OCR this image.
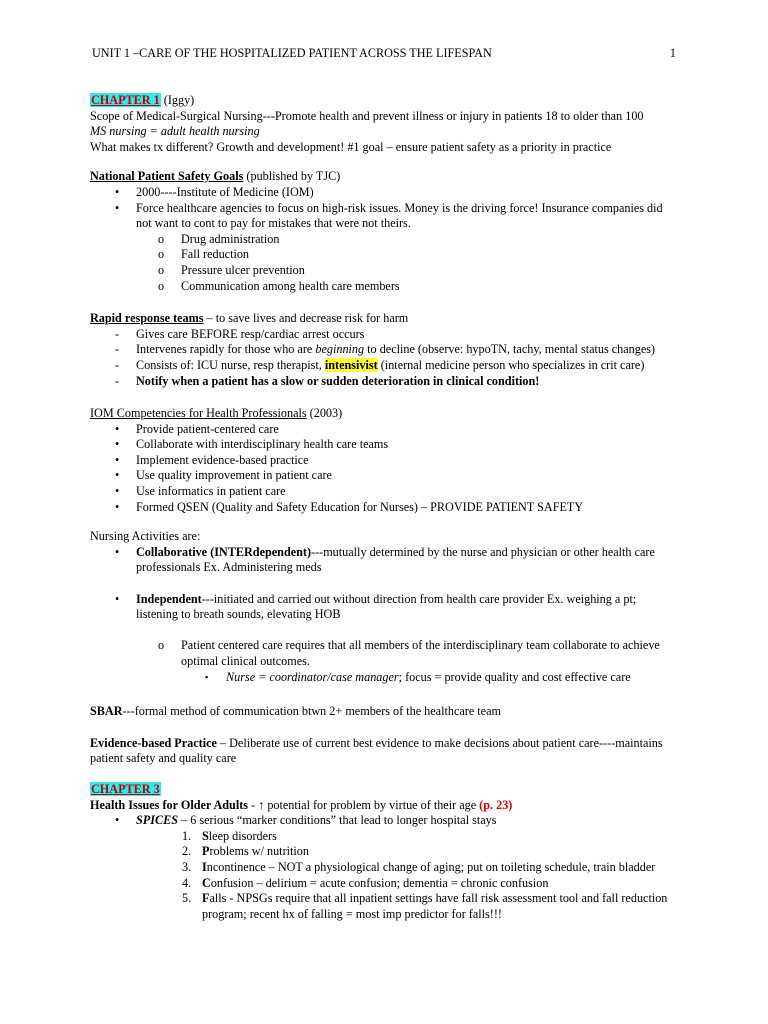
UNIT 1 –CARE OF THE HOSPITALIZED PATIENT ACROSS THE LIFESPAN	1

CHAPTER 1 (Iggy)

Scope of Medical-Surgical Nursing---Promote health and prevent illness or injury in patients 18 to older than 100

MS nursing = adult health nursing

What makes tx different? Growth and development! #1 goal – ensure patient safety as a priority in practice

National Patient Safety Goals (published by TJC)

• 2000----Institute of Medicine (IOM)
• Force healthcare agencies to focus on high-risk issues. Money is the driving force! Insurance companies did not want to cont to pay for mistakes that were not theirs.
o Drug administration
o Fall reduction
o Pressure ulcer prevention
o Communication among health care members

Rapid response teams – to save lives and decrease risk for harm

- Gives care BEFORE resp/cardiac arrest occurs
- Intervenes rapidly for those who are beginning to decline (observe: hypoTN, tachy, mental status changes)
- Consists of: ICU nurse, resp therapist, intensivist (internal medicine person who specializes in crit care)
- Notify when a patient has a slow or sudden deterioration in clinical condition!

IOM Competencies for Health Professionals (2003)

• Provide patient-centered care
• Collaborate with interdisciplinary health care teams
• Implement evidence-based practice
• Use quality improvement in patient care
• Use informatics in patient care
• Formed QSEN (Quality and Safety Education for Nurses) – PROVIDE PATIENT SAFETY

Nursing Activities are:

• Collaborative (INTERdependent)---mutually determined by the nurse and physician or other health care professionals Ex. Administering meds
• Independent---initiated and carried out without direction from health care provider Ex. weighing a pt; listening to breath sounds, elevating HOB
o Patient centered care requires that all members of the interdisciplinary team collaborate to achieve optimal clinical outcomes.
▪ Nurse = coordinator/case manager; focus = provide quality and cost effective care

SBAR---formal method of communication btwn 2+ members of the healthcare team

Evidence-based Practice – Deliberate use of current best evidence to make decisions about patient care----maintains patient safety and quality care

CHAPTER 3

Health Issues for Older Adults - ↑ potential for problem by virtue of their age (p. 23)

• SPICES – 6 serious “marker conditions” that lead to longer hospital stays
1. Sleep disorders
2. Problems w/ nutrition
3. Incontinence – NOT a physiological change of aging; put on toileting schedule, train bladder
4. Confusion – delirium = acute confusion; dementia = chronic confusion
5. Falls - NPSGs require that all inpatient settings have fall risk assessment tool and fall reduction program; recent hx of falling = most imp predictor for falls!!!
